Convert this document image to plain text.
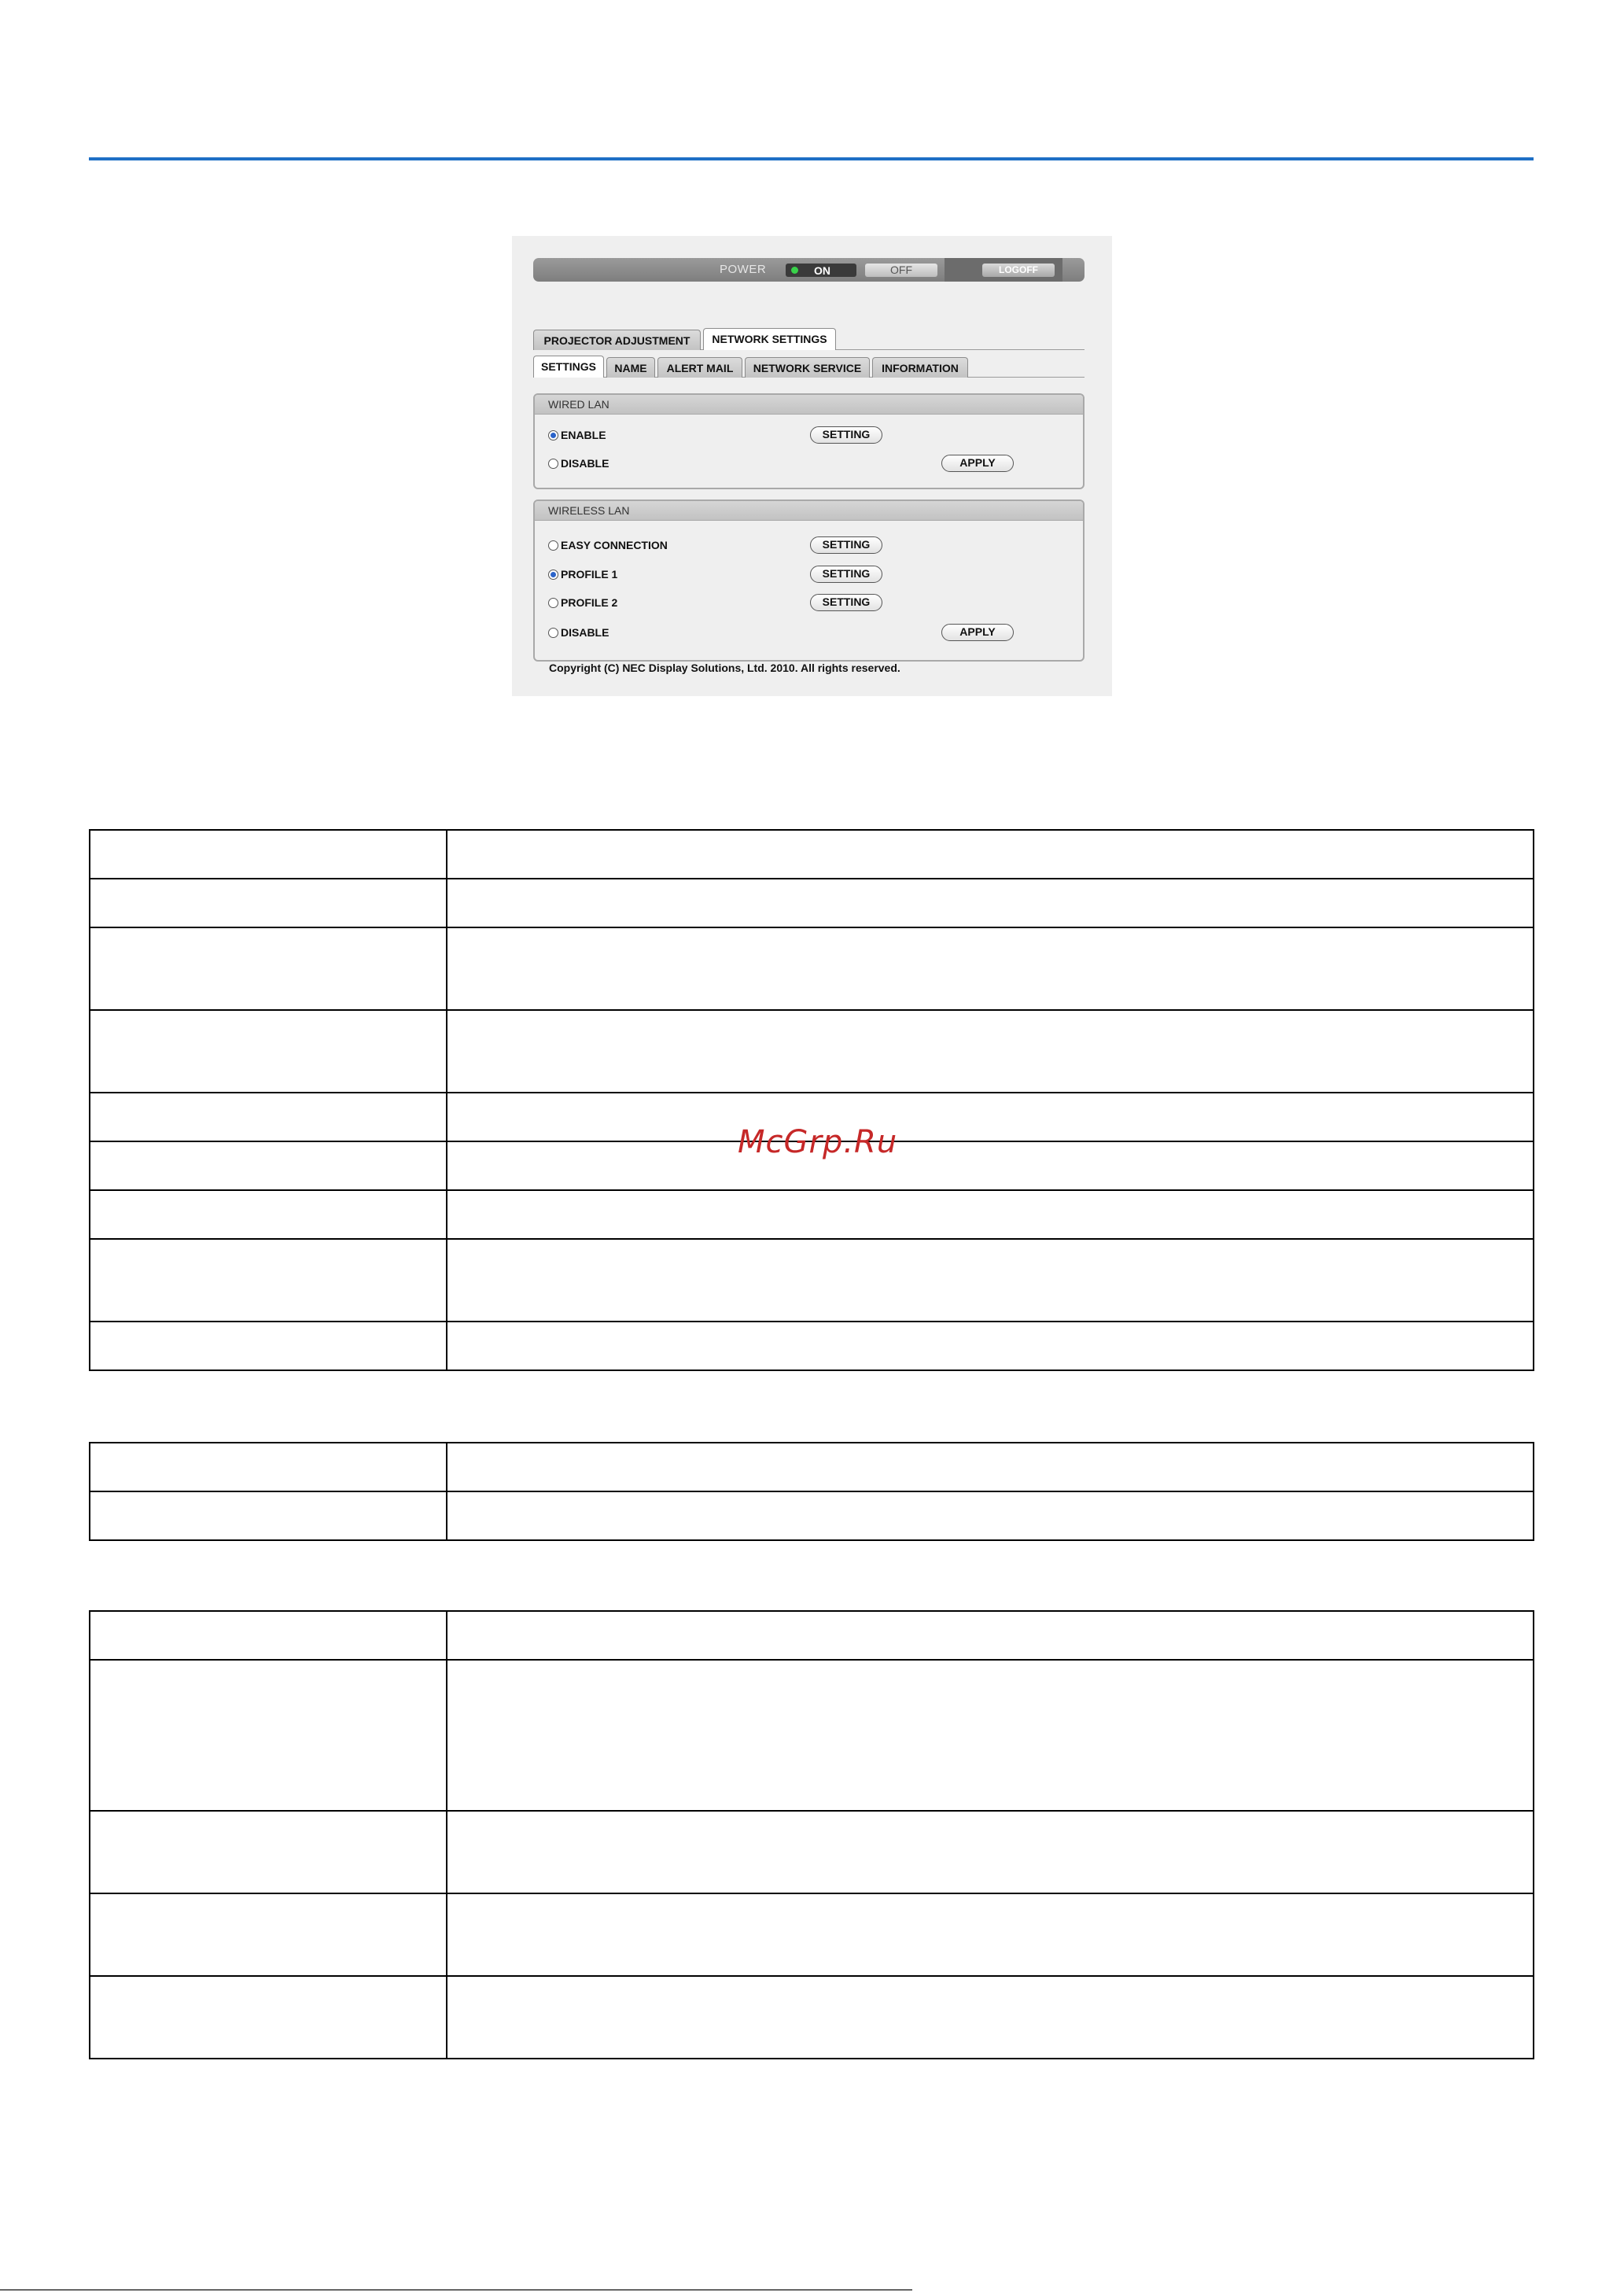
POWER	ON	OFF	LOGOFF
PROJECTOR ADJUSTMENT	NETWORK SETTINGS
SETTINGS	NAME	ALERT MAIL	NETWORK SERVICE	INFORMATION
WIRED LAN
ENABLE	SETTING
DISABLE	APPLY
WIRELESS LAN
EASY CONNECTION	SETTING
PROFILE 1	SETTING
PROFILE 2	SETTING
DISABLE	APPLY
Copyright (C) NEC Display Solutions, Ltd. 2010. All rights reserved.

McGrp.Ru
